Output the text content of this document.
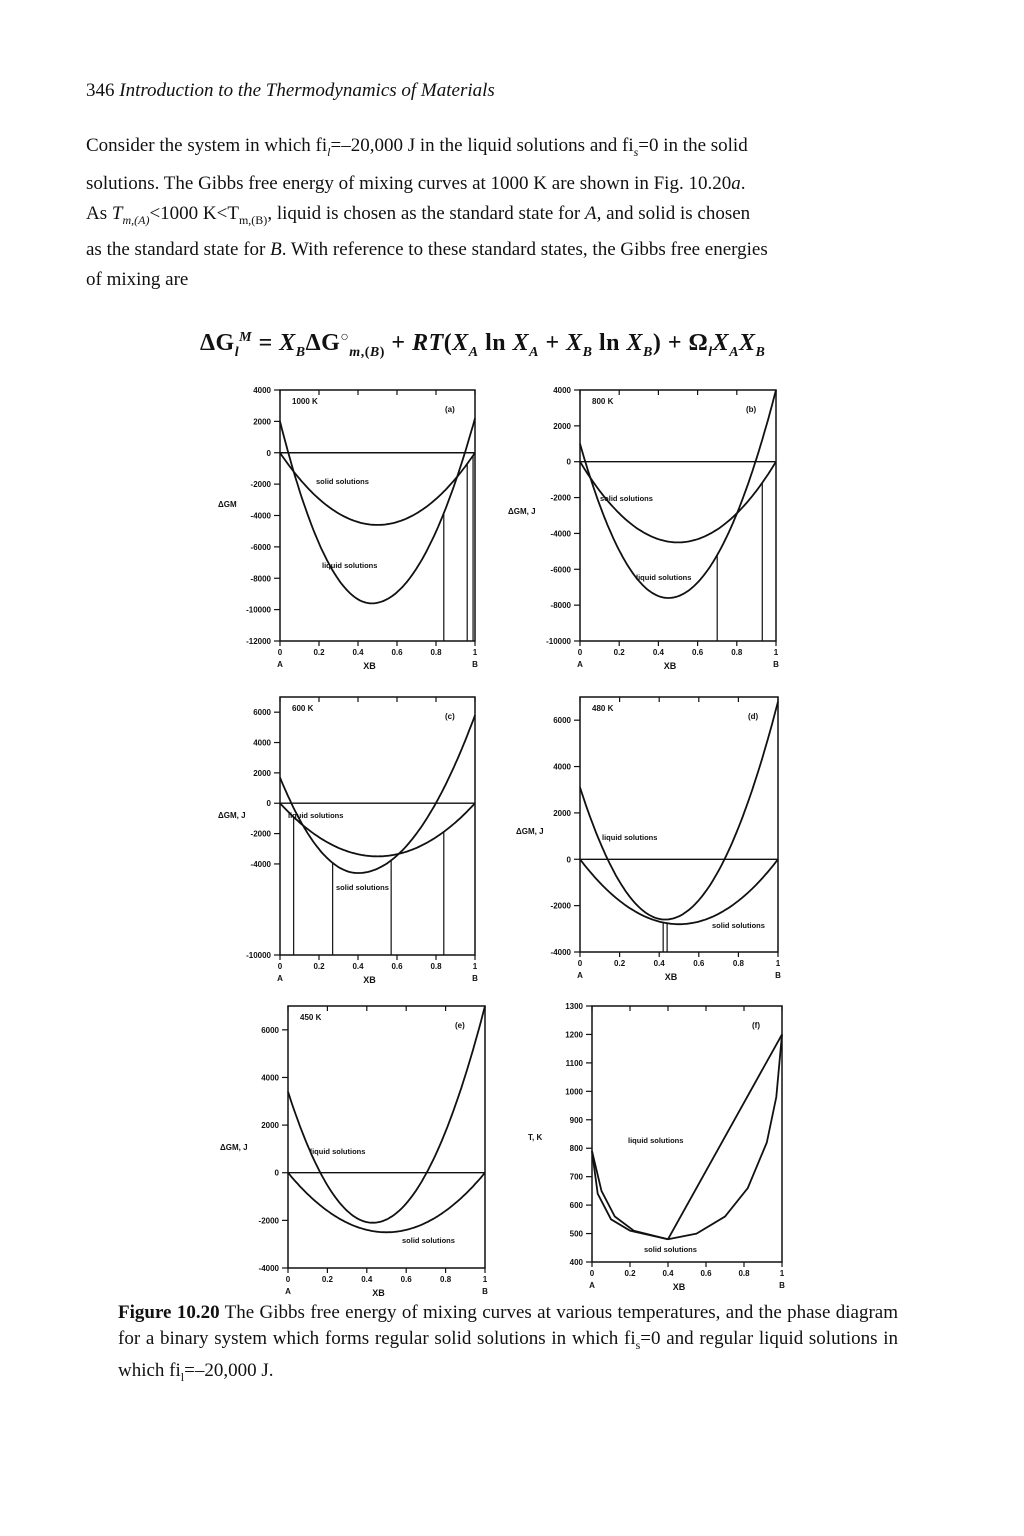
346 Introduction to the Thermodynamics of Materials
Consider the system in which $fi_l=-20,000$ J in the liquid solutions and $fi_s=0$ in the solid
solutions. The Gibbs free energy of mixing curves at 1000 K are shown in Fig. 10.20a.
As $T_{m,(A)}<1000$ $K<T_{m,(B)}$, liquid is chosen as the standard state for A, and solid is chosen
as the standard state for B. With reference to these standard states, the Gibbs free energies
of mixing are
$\Delta G_l^M = X_B\Delta G^○_{m,(B)} + RT(X_A$ $\ln X_A + X_B$ $\ln X_B) + \Omega_lX_AX_B$
4000
2000
0
-2000
-4000
-6000
-8000
-10000
-12000
0	0.2	0.4	0.6	0.8	1
A	B
XB
ΔGM
1000 K
(a)
solid solutions
liquid solutions
4000
2000
0
-2000
-4000
-6000
-8000
-10000
0	0.2	0.4	0.6	0.8	1
A	B
XB
ΔGM, J
800 K
(b)
solid solutions
liquid solutions
6000
4000
2000
0
-2000
-4000
-10000
0	0.2	0.4	0.6	0.8	1
A	B
XB
ΔGM, J
600 K
(c)
solid solutions
liquid solutions
6000
4000
2000
0
-2000
-4000
0	0.2	0.4	0.6	0.8	1
A	B
XB
ΔGM, J
480 K
(d)
solid solutions
liquid solutions
6000
4000
2000
0
-2000
-4000
0	0.2	0.4	0.6	0.8	1
A	B
XB
ΔGM, J
450 K
(e)
solid solutions
liquid solutions
1300
1200
1100
1000
900
800
700
600
500
400
0	0.2	0.4	0.6	0.8	1
A	B
XB
T, K
(f)
liquid solutions
solid solutions
Figure 10.20 The Gibbs free energy of mixing curves at various temperatures, and the phase diagram for a binary system which forms regular solid solutions in which $fi_s=0$ and regular liquid solutions in which $fi_l=-20,000$ J.
